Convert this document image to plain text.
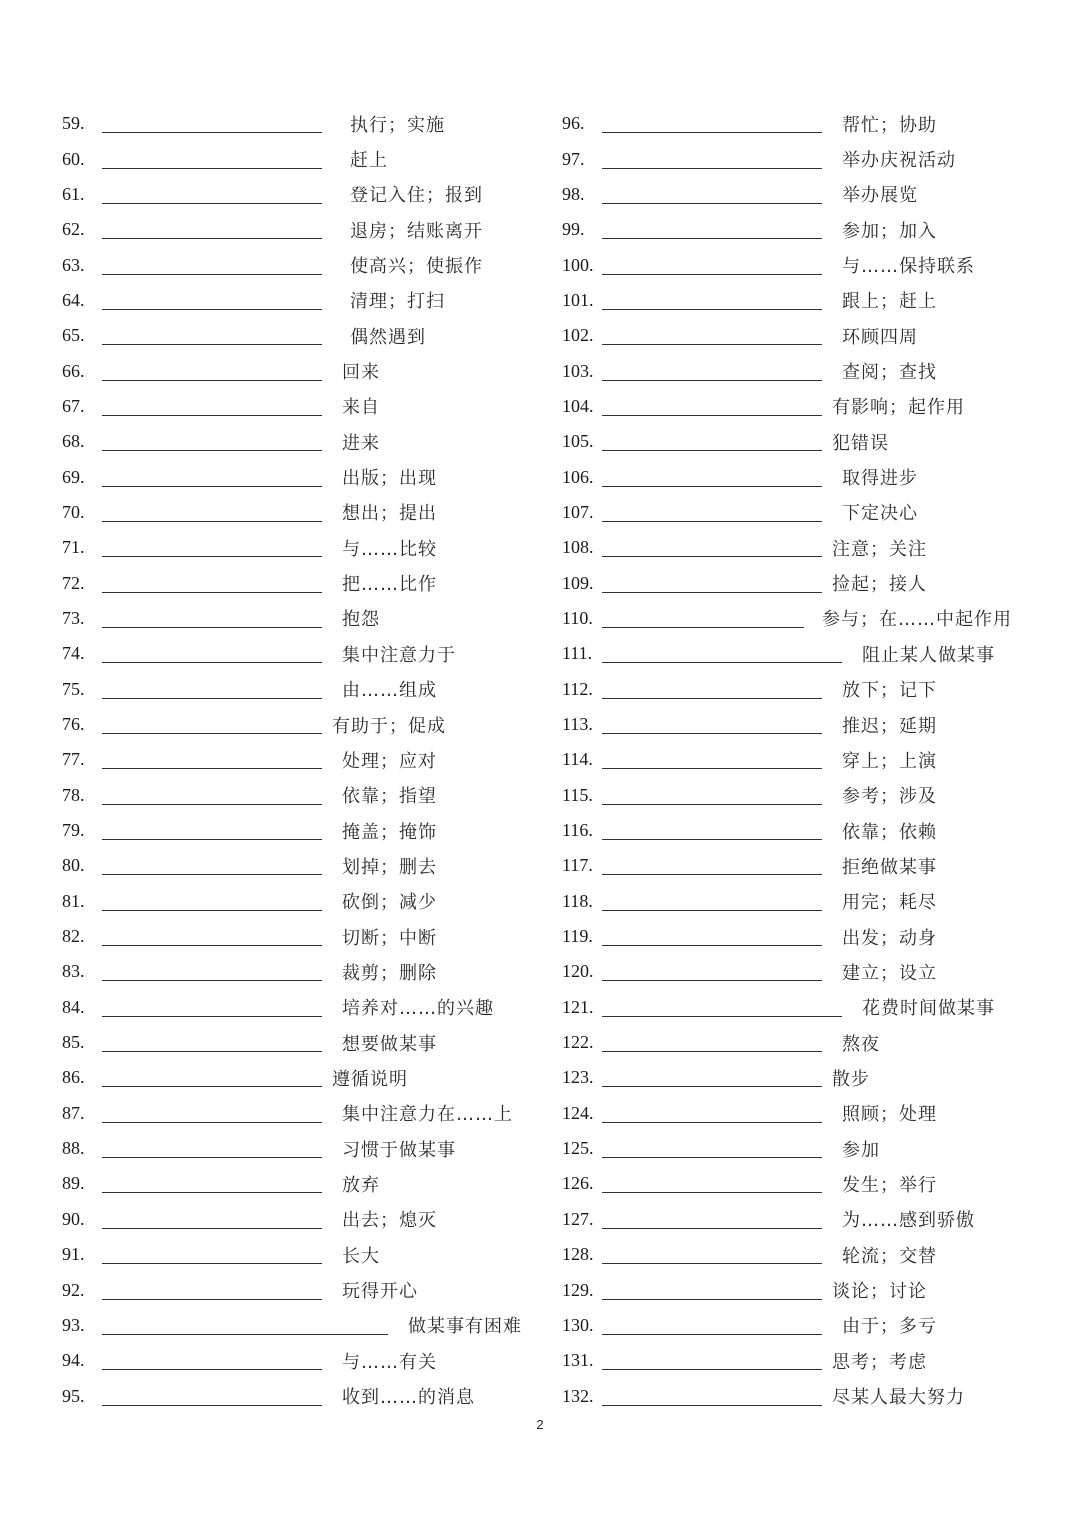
59.	执行；实施
60.	赶上
61.	登记入住；报到
62.	退房；结账离开
63.	使高兴；使振作
64.	清理；打扫
65.	偶然遇到
66.	回来
67.	来自
68.	进来
69.	出版；出现
70.	想出；提出
71.	与……比较
72.	把……比作
73.	抱怨
74.	集中注意力于
75.	由……组成
76.	有助于；促成
77.	处理；应对
78.	依靠；指望
79.	掩盖；掩饰
80.	划掉；删去
81.	砍倒；减少
82.	切断；中断
83.	裁剪；删除
84.	培养对……的兴趣
85.	想要做某事
86.	遵循说明
87.	集中注意力在……上
88.	习惯于做某事
89.	放弃
90.	出去；熄灭
91.	长大
92.	玩得开心
93.	做某事有困难
94.	与……有关
95.	收到……的消息
96.	帮忙；协助
97.	举办庆祝活动
98.	举办展览
99.	参加；加入
100.	与……保持联系
101.	跟上；赶上
102.	环顾四周
103.	查阅；查找
104.	有影响；起作用
105.	犯错误
106.	取得进步
107.	下定决心
108.	注意；关注
109.	捡起；接人
110.	参与；在……中起作用
111.	阻止某人做某事
112.	放下；记下
113.	推迟；延期
114.	穿上；上演
115.	参考；涉及
116.	依靠；依赖
117.	拒绝做某事
118.	用完；耗尽
119.	出发；动身
120.	建立；设立
121.	花费时间做某事
122.	熬夜
123.	散步
124.	照顾；处理
125.	参加
126.	发生；举行
127.	为……感到骄傲
128.	轮流；交替
129.	谈论；讨论
130.	由于；多亏
131.	思考；考虑
132.	尽某人最大努力
2
